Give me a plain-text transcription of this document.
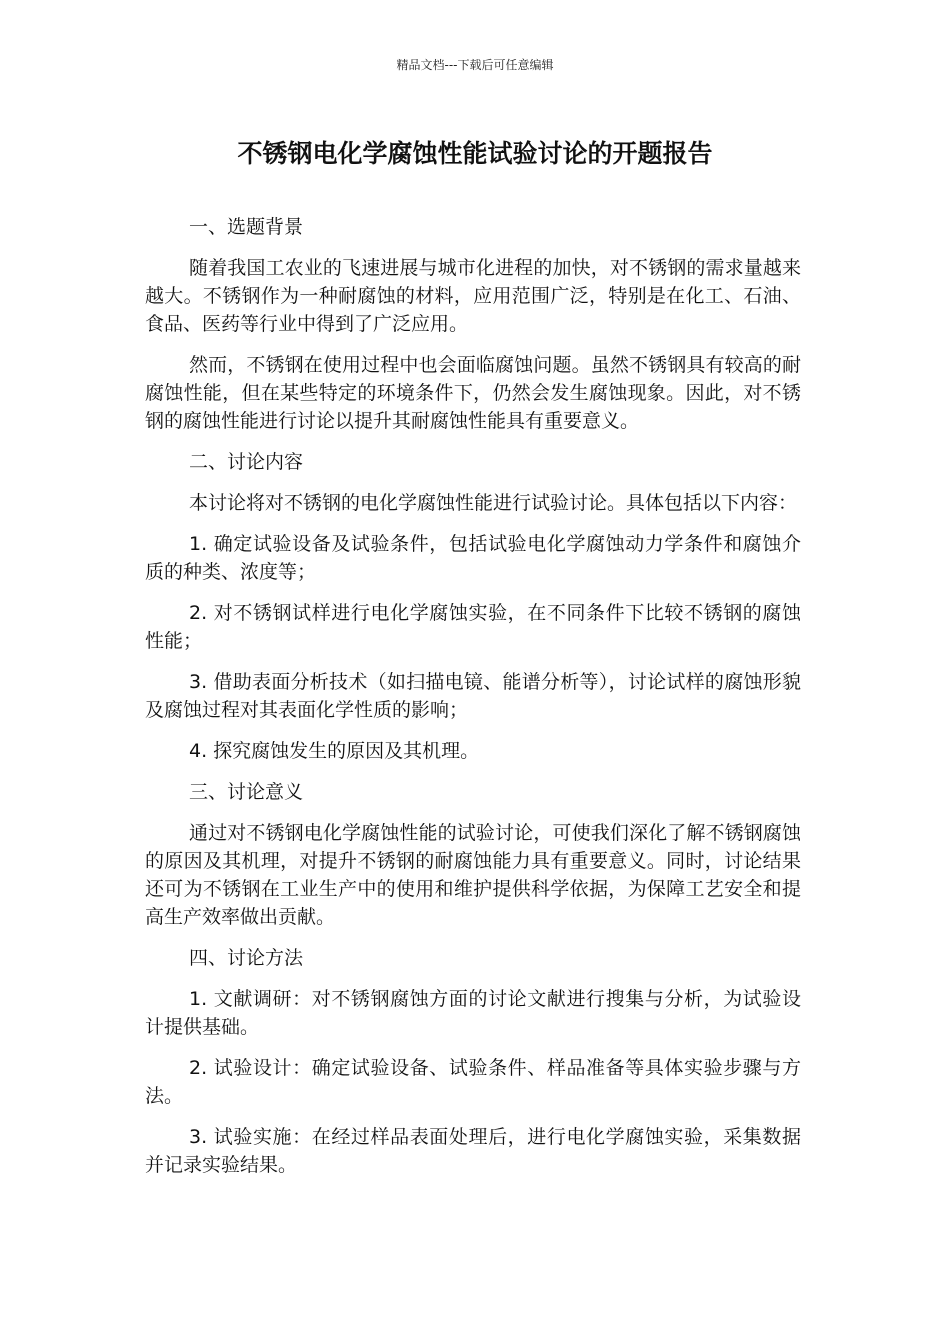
精品文档---下载后可任意编辑
不锈钢电化学腐蚀性能试验讨论的开题报告

一、选题背景

随着我国工农业的飞速进展与城市化进程的加快，对不锈钢的需求量越来越大。不锈钢作为一种耐腐蚀的材料，应用范围广泛，特别是在化工、石油、食品、医药等行业中得到了广泛应用。

然而，不锈钢在使用过程中也会面临腐蚀问题。虽然不锈钢具有较高的耐腐蚀性能，但在某些特定的环境条件下，仍然会发生腐蚀现象。因此，对不锈钢的腐蚀性能进行讨论以提升其耐腐蚀性能具有重要意义。

二、讨论内容

本讨论将对不锈钢的电化学腐蚀性能进行试验讨论。具体包括以下内容：

1. 确定试验设备及试验条件，包括试验电化学腐蚀动力学条件和腐蚀介质的种类、浓度等；

2. 对不锈钢试样进行电化学腐蚀实验，在不同条件下比较不锈钢的腐蚀性能；

3. 借助表面分析技术（如扫描电镜、能谱分析等），讨论试样的腐蚀形貌及腐蚀过程对其表面化学性质的影响；

4. 探究腐蚀发生的原因及其机理。

三、讨论意义

通过对不锈钢电化学腐蚀性能的试验讨论，可使我们深化了解不锈钢腐蚀的原因及其机理，对提升不锈钢的耐腐蚀能力具有重要意义。同时，讨论结果还可为不锈钢在工业生产中的使用和维护提供科学依据，为保障工艺安全和提高生产效率做出贡献。

四、讨论方法

1. 文献调研：对不锈钢腐蚀方面的讨论文献进行搜集与分析，为试验设计提供基础。

2. 试验设计：确定试验设备、试验条件、样品准备等具体实验步骤与方法。

3. 试验实施：在经过样品表面处理后，进行电化学腐蚀实验，采集数据并记录实验结果。
